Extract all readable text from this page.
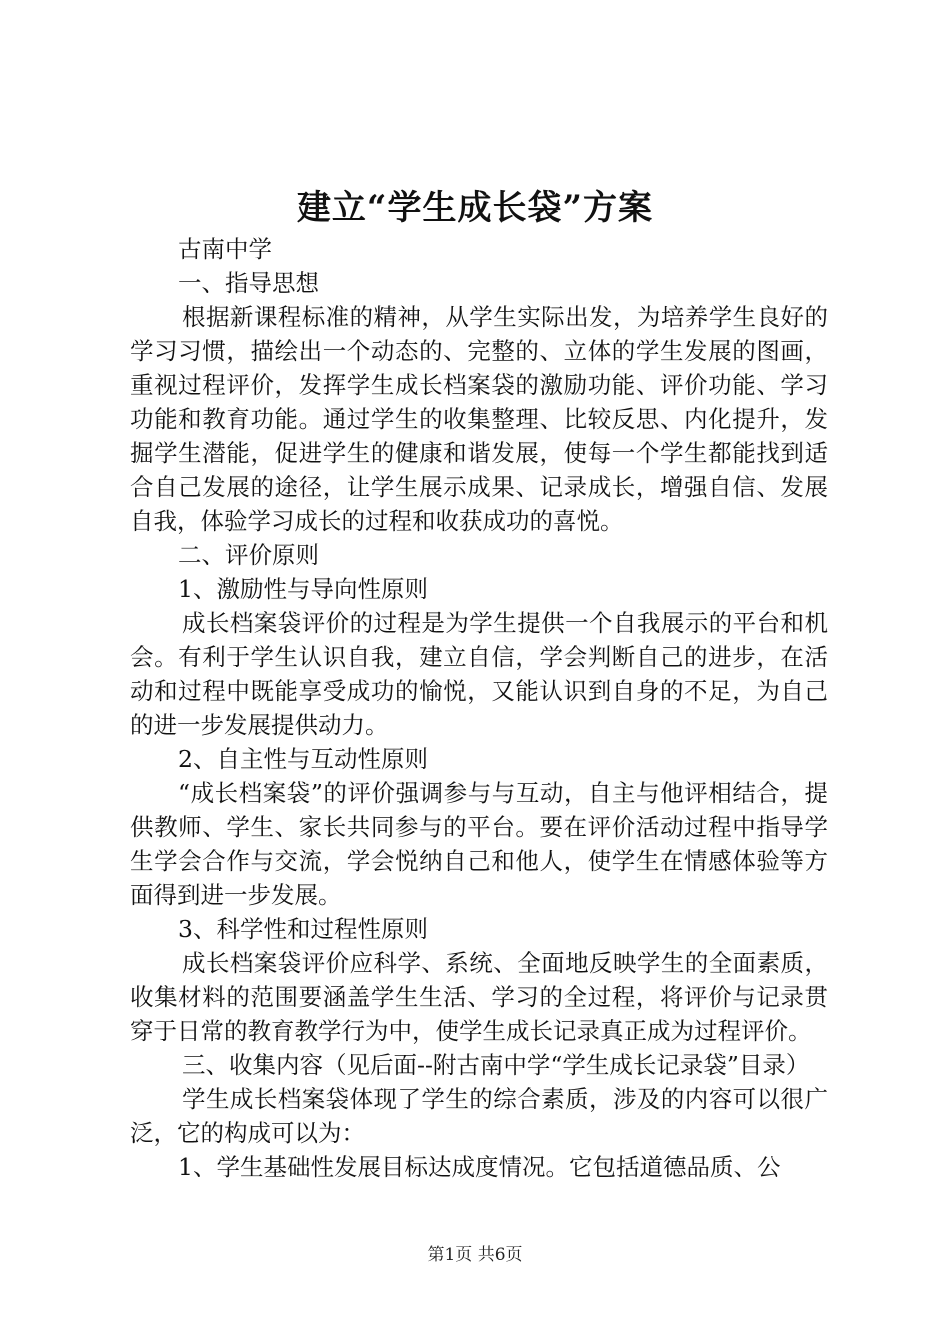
建立“学生成长袋”方案

古南中学

一、指导思想

根据新课程标准的精神，从学生实际出发，为培养学生良好的学习习惯，描绘出一个动态的、完整的、立体的学生发展的图画，重视过程评价，发挥学生成长档案袋的激励功能、评价功能、学习功能和教育功能。通过学生的收集整理、比较反思、内化提升，发掘学生潜能，促进学生的健康和谐发展，使每一个学生都能找到适合自己发展的途径，让学生展示成果、记录成长，增强自信、发展自我，体验学习成长的过程和收获成功的喜悦。

二、评价原则

1、激励性与导向性原则

成长档案袋评价的过程是为学生提供一个自我展示的平台和机会。有利于学生认识自我，建立自信，学会判断自己的进步，在活动和过程中既能享受成功的愉悦，又能认识到自身的不足，为自己的进一步发展提供动力。

2、自主性与互动性原则

“成长档案袋”的评价强调参与与互动，自主与他评相结合，提供教师、学生、家长共同参与的平台。要在评价活动过程中指导学生学会合作与交流，学会悦纳自己和他人，使学生在情感体验等方面得到进一步发展。

3、科学性和过程性原则

成长档案袋评价应科学、系统、全面地反映学生的全面素质，收集材料的范围要涵盖学生生活、学习的全过程，将评价与记录贯穿于日常的教育教学行为中，使学生成长记录真正成为过程评价。

三、收集内容（见后面--附古南中学“学生成长记录袋”目录）

学生成长档案袋体现了学生的综合素质，涉及的内容可以很广泛，它的构成可以为：

1、学生基础性发展目标达成度情况。它包括道德品质、公

第1页 共6页
